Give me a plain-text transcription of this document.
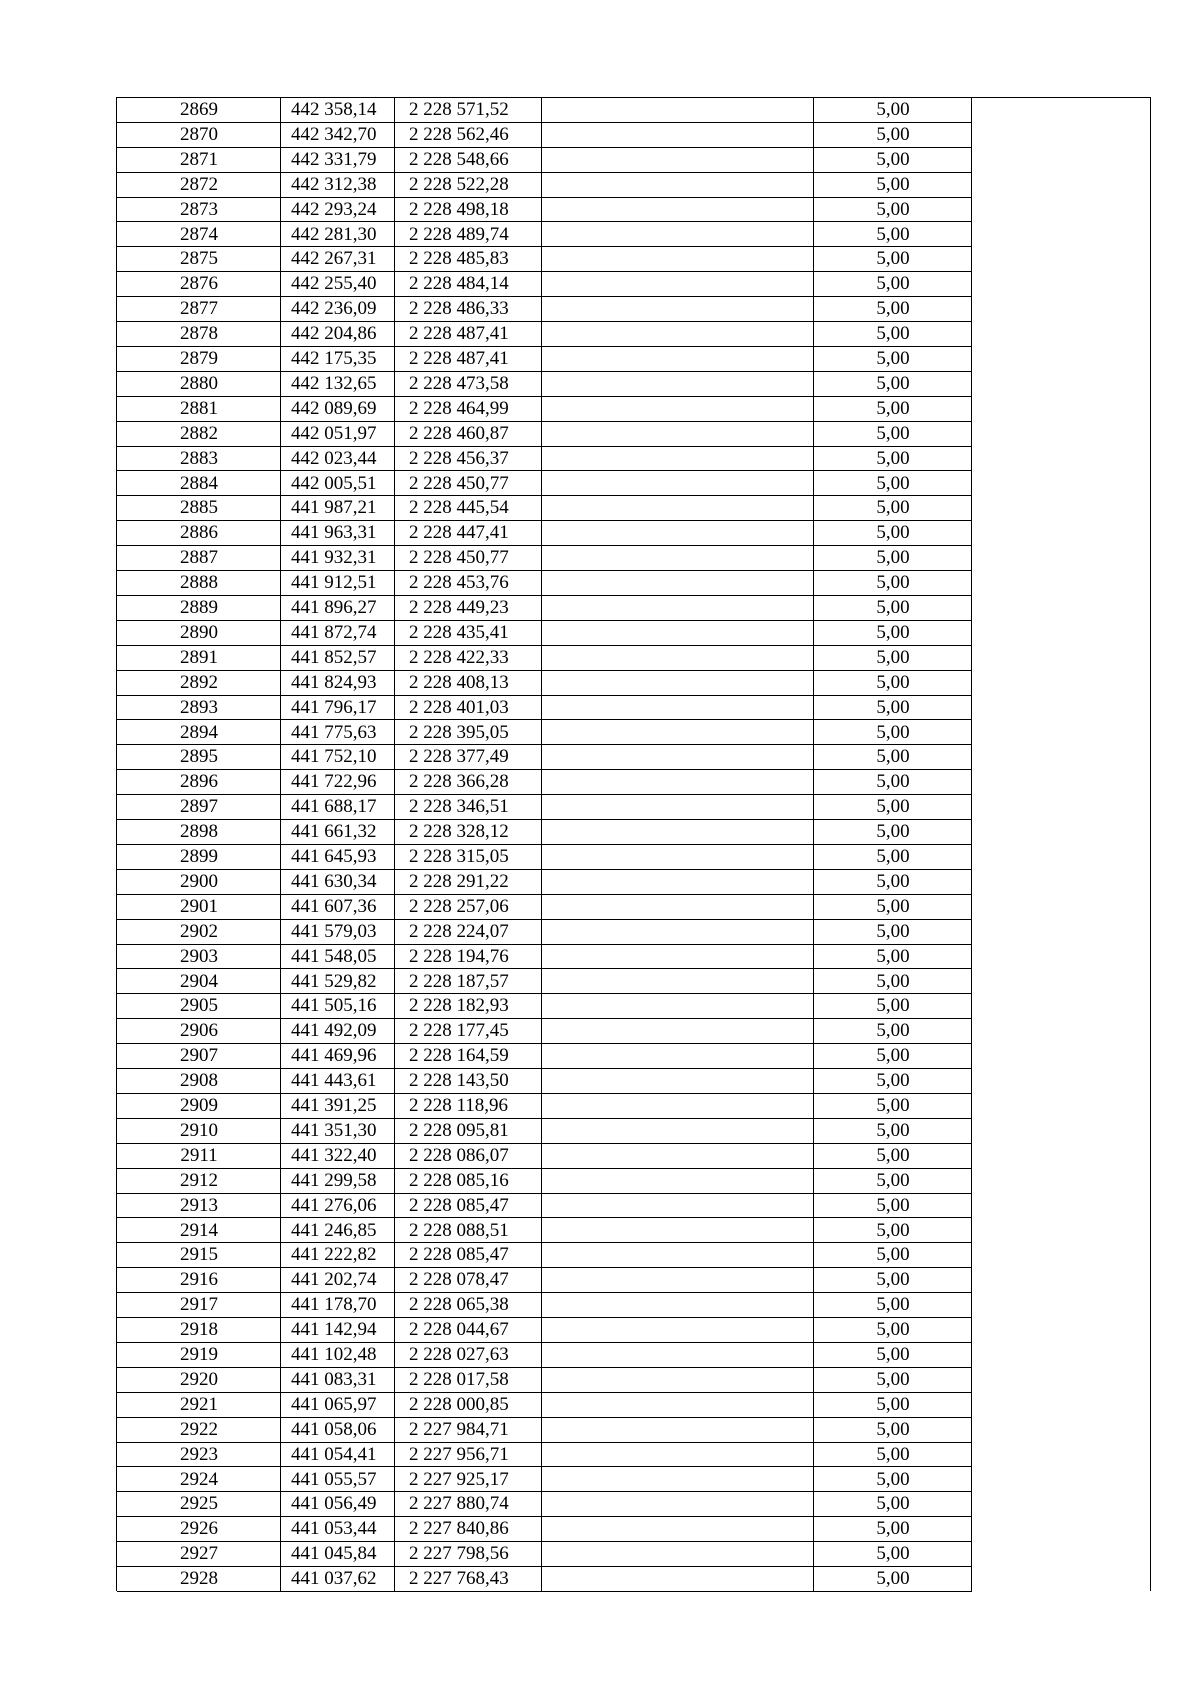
2869	442 358,14	2 228 571,52	5,00
2870	442 342,70	2 228 562,46	5,00
2871	442 331,79	2 228 548,66	5,00
2872	442 312,38	2 228 522,28	5,00
2873	442 293,24	2 228 498,18	5,00
2874	442 281,30	2 228 489,74	5,00
2875	442 267,31	2 228 485,83	5,00
2876	442 255,40	2 228 484,14	5,00
2877	442 236,09	2 228 486,33	5,00
2878	442 204,86	2 228 487,41	5,00
2879	442 175,35	2 228 487,41	5,00
2880	442 132,65	2 228 473,58	5,00
2881	442 089,69	2 228 464,99	5,00
2882	442 051,97	2 228 460,87	5,00
2883	442 023,44	2 228 456,37	5,00
2884	442 005,51	2 228 450,77	5,00
2885	441 987,21	2 228 445,54	5,00
2886	441 963,31	2 228 447,41	5,00
2887	441 932,31	2 228 450,77	5,00
2888	441 912,51	2 228 453,76	5,00
2889	441 896,27	2 228 449,23	5,00
2890	441 872,74	2 228 435,41	5,00
2891	441 852,57	2 228 422,33	5,00
2892	441 824,93	2 228 408,13	5,00
2893	441 796,17	2 228 401,03	5,00
2894	441 775,63	2 228 395,05	5,00
2895	441 752,10	2 228 377,49	5,00
2896	441 722,96	2 228 366,28	5,00
2897	441 688,17	2 228 346,51	5,00
2898	441 661,32	2 228 328,12	5,00
2899	441 645,93	2 228 315,05	5,00
2900	441 630,34	2 228 291,22	5,00
2901	441 607,36	2 228 257,06	5,00
2902	441 579,03	2 228 224,07	5,00
2903	441 548,05	2 228 194,76	5,00
2904	441 529,82	2 228 187,57	5,00
2905	441 505,16	2 228 182,93	5,00
2906	441 492,09	2 228 177,45	5,00
2907	441 469,96	2 228 164,59	5,00
2908	441 443,61	2 228 143,50	5,00
2909	441 391,25	2 228 118,96	5,00
2910	441 351,30	2 228 095,81	5,00
2911	441 322,40	2 228 086,07	5,00
2912	441 299,58	2 228 085,16	5,00
2913	441 276,06	2 228 085,47	5,00
2914	441 246,85	2 228 088,51	5,00
2915	441 222,82	2 228 085,47	5,00
2916	441 202,74	2 228 078,47	5,00
2917	441 178,70	2 228 065,38	5,00
2918	441 142,94	2 228 044,67	5,00
2919	441 102,48	2 228 027,63	5,00
2920	441 083,31	2 228 017,58	5,00
2921	441 065,97	2 228 000,85	5,00
2922	441 058,06	2 227 984,71	5,00
2923	441 054,41	2 227 956,71	5,00
2924	441 055,57	2 227 925,17	5,00
2925	441 056,49	2 227 880,74	5,00
2926	441 053,44	2 227 840,86	5,00
2927	441 045,84	2 227 798,56	5,00
2928	441 037,62	2 227 768,43	5,00
